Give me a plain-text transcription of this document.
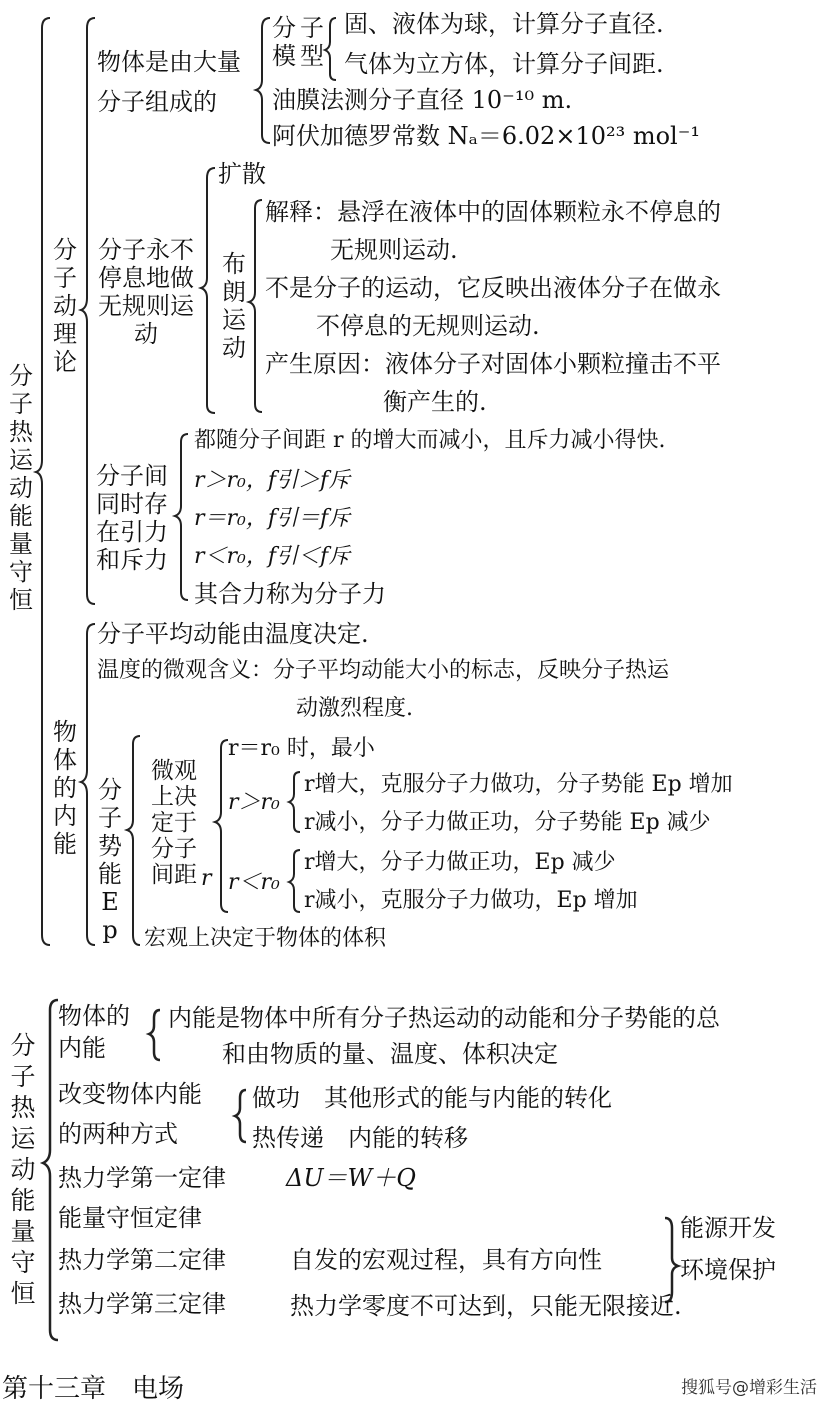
分子热运动能量守恒
分子动理论
物体是由大量
分子组成的
分子
模型
固、液体为球，计算分子直径.
气体为立方体，计算分子间距.
油膜法测分子直径 10⁻¹⁰ m.
阿伏加德罗常数 Nₐ＝6.02×10²³ mol⁻¹
扩散
分子永不停息地做无规则运动
布朗运动
解释：悬浮在液体中的固体颗粒永不停息的
无规则运动.
不是分子的运动，它反映出液体分子在做永
不停息的无规则运动.
产生原因：液体分子对固体小颗粒撞击不平
衡产生的.
分子间同时存在引力和斥力
都随分子间距 r 的增大而减小，且斥力减小得快.
r＞r₀，f引＞f斥
r＝r₀，f引＝f斥
r＜r₀，f引＜f斥
其合力称为分子力
物体的内能
分子平均动能由温度决定.
温度的微观含义：分子平均动能大小的标志，反映分子热运
动激烈程度.
分子势能Ep
微观上决定于分子间距 r
r＝r₀ 时，最小
r＞r₀
r增大，克服分子力做功，分子势能 Ep 增加
r减小，分子力做正功，分子势能 Ep 减少
r＜r₀
r增大，分子力做正功，Ep 减少
r减小，克服分子力做功，Ep 增加
宏观上决定于物体的体积
分子热运动能量守恒
物体的
内能
内能是物体中所有分子热运动的动能和分子势能的总
和由物质的量、温度、体积决定
改变物体内能
的两种方式
做功　其他形式的能与内能的转化
热传递　内能的转移
热力学第一定律	ΔU＝W＋Q
能量守恒定律
热力学第二定律	自发的宏观过程，具有方向性
能源开发
环境保护
热力学第三定律	热力学零度不可达到，只能无限接近.
第十三章　电场	搜狐号@增彩生活
